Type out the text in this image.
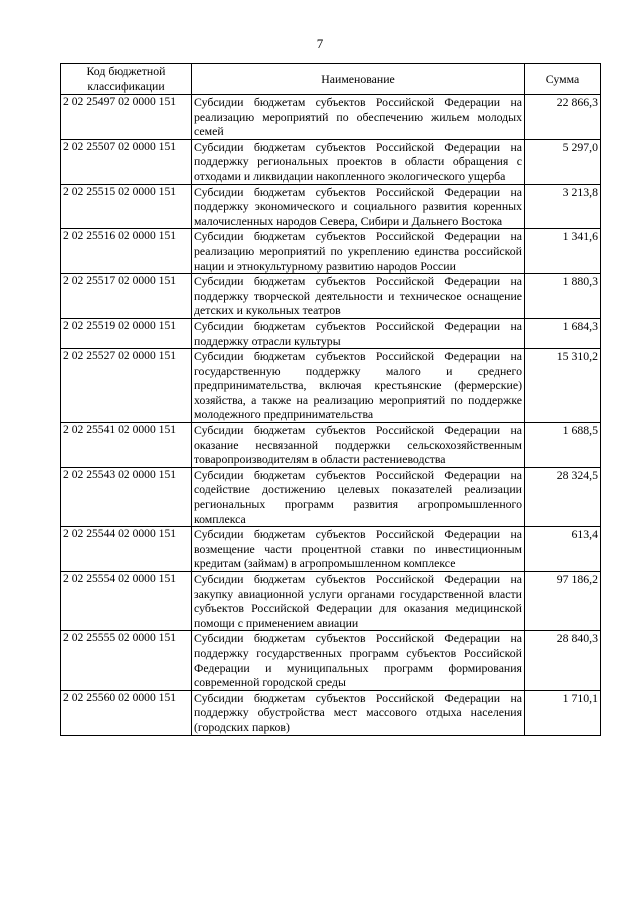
7
Код бюджетной классификации	Наименование	Сумма
2 02 25497 02 0000 151	Субсидии бюджетам субъектов Российской Федерации на реализацию мероприятий по обеспечению жильем молодых семей	22 866,3
2 02 25507 02 0000 151	Субсидии бюджетам субъектов Российской Федерации на поддержку региональных проектов в области обращения с отходами и ликвидации накопленного экологического ущерба	5 297,0
2 02 25515 02 0000 151	Субсидии бюджетам субъектов Российской Федерации на поддержку экономического и социального развития коренных малочисленных народов Севера, Сибири и Дальнего Востока	3 213,8
2 02 25516 02 0000 151	Субсидии бюджетам субъектов Российской Федерации на реализацию мероприятий по укреплению единства российской нации и этнокультурному развитию народов России	1 341,6
2 02 25517 02 0000 151	Субсидии бюджетам субъектов Российской Федерации на поддержку творческой деятельности и техническое оснащение детских и кукольных театров	1 880,3
2 02 25519 02 0000 151	Субсидии бюджетам субъектов Российской Федерации на поддержку отрасли культуры	1 684,3
2 02 25527 02 0000 151	Субсидии бюджетам субъектов Российской Федерации на государственную поддержку малого и среднего предпринимательства, включая крестьянские (фермерские) хозяйства, а также на реализацию мероприятий по поддержке молодежного предпринимательства	15 310,2
2 02 25541 02 0000 151	Субсидии бюджетам субъектов Российской Федерации на оказание несвязанной поддержки сельскохозяйственным товаропроизводителям в области растениеводства	1 688,5
2 02 25543 02 0000 151	Субсидии бюджетам субъектов Российской Федерации на содействие достижению целевых показателей реализации региональных программ развития агропромышленного комплекса	28 324,5
2 02 25544 02 0000 151	Субсидии бюджетам субъектов Российской Федерации на возмещение части процентной ставки по инвестиционным кредитам (займам) в агропромышленном комплексе	613,4
2 02 25554 02 0000 151	Субсидии бюджетам субъектов Российской Федерации на закупку авиационной услуги органами государственной власти субъектов Российской Федерации для оказания медицинской помощи с применением авиации	97 186,2
2 02 25555 02 0000 151	Субсидии бюджетам субъектов Российской Федерации на поддержку государственных программ субъектов Российской Федерации и муниципальных программ формирования современной городской среды	28 840,3
2 02 25560 02 0000 151	Субсидии бюджетам субъектов Российской Федерации на поддержку обустройства мест массового отдыха населения (городских парков)	1 710,1
